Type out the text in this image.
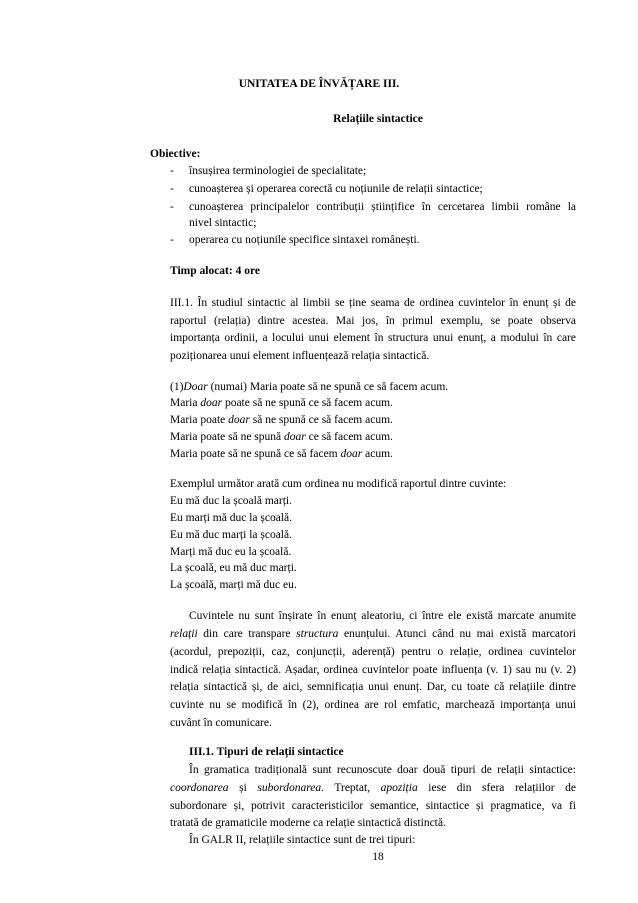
UNITATEA DE ÎNVĂȚARE III.
Relațiile sintactice
Obiective:
- însușirea terminologiei de specialitate;
- cunoașterea și operarea corectă cu noțiunile de relații sintactice;
- cunoașterea principalelor contribuții științifice în cercetarea limbii române la
nivel sintactic;
- operarea cu noțiunile specifice sintaxei românești.
Timp alocat: 4 ore
III.1. În studiul sintactic al limbii se ține seama de ordinea cuvintelor în enunț și de
raportul (relația) dintre acestea. Mai jos, în primul exemplu, se poate observa
importanța ordinii, a locului unui element în structura unui enunț, a modului în care
poziționarea unui element influențează relația sintactică.
(1)Doar (numai) Maria poate să ne spună ce să facem acum.
Maria doar poate să ne spună ce să facem acum.
Maria poate doar să ne spună ce să facem acum.
Maria poate să ne spună doar ce să facem acum.
Maria poate să ne spună ce să facem doar acum.
Exemplul următor arată cum ordinea nu modifică raportul dintre cuvinte:
Eu mă duc la școală marți.
Eu marți mă duc la școală.
Eu mă duc marți la școală.
Marți mă duc eu la școală.
La școală, eu mă duc marți.
La școală, marți mă duc eu.
Cuvintele nu sunt înșirate în enunț aleatoriu, ci între ele există marcate anumite
relații din care transpare structura enunțului. Atunci când nu mai există marcatori
(acordul, prepoziții, caz, conjuncții, aderență) pentru o relație, ordinea cuvintelor
indică relația sintactică. Așadar, ordinea cuvintelor poate influența (v. 1) sau nu (v. 2)
relația sintactică și, de aici, semnificația unui enunț. Dar, cu toate că relațiile dintre
cuvinte nu se modifică în (2), ordinea are rol emfatic, marchează importanța unui
cuvânt în comunicare.
III.1. Tipuri de relații sintactice
În gramatica tradițională sunt recunoscute doar două tipuri de relații sintactice:
coordonarea și subordonarea. Treptat, apoziția iese din sfera relațiilor de
subordonare și, potrivit caracteristicilor semantice, sintactice și pragmatice, va fi
tratată de gramaticile moderne ca relație sintactică distinctă.
În GALR II, relațiile sintactice sunt de trei tipuri:
18
